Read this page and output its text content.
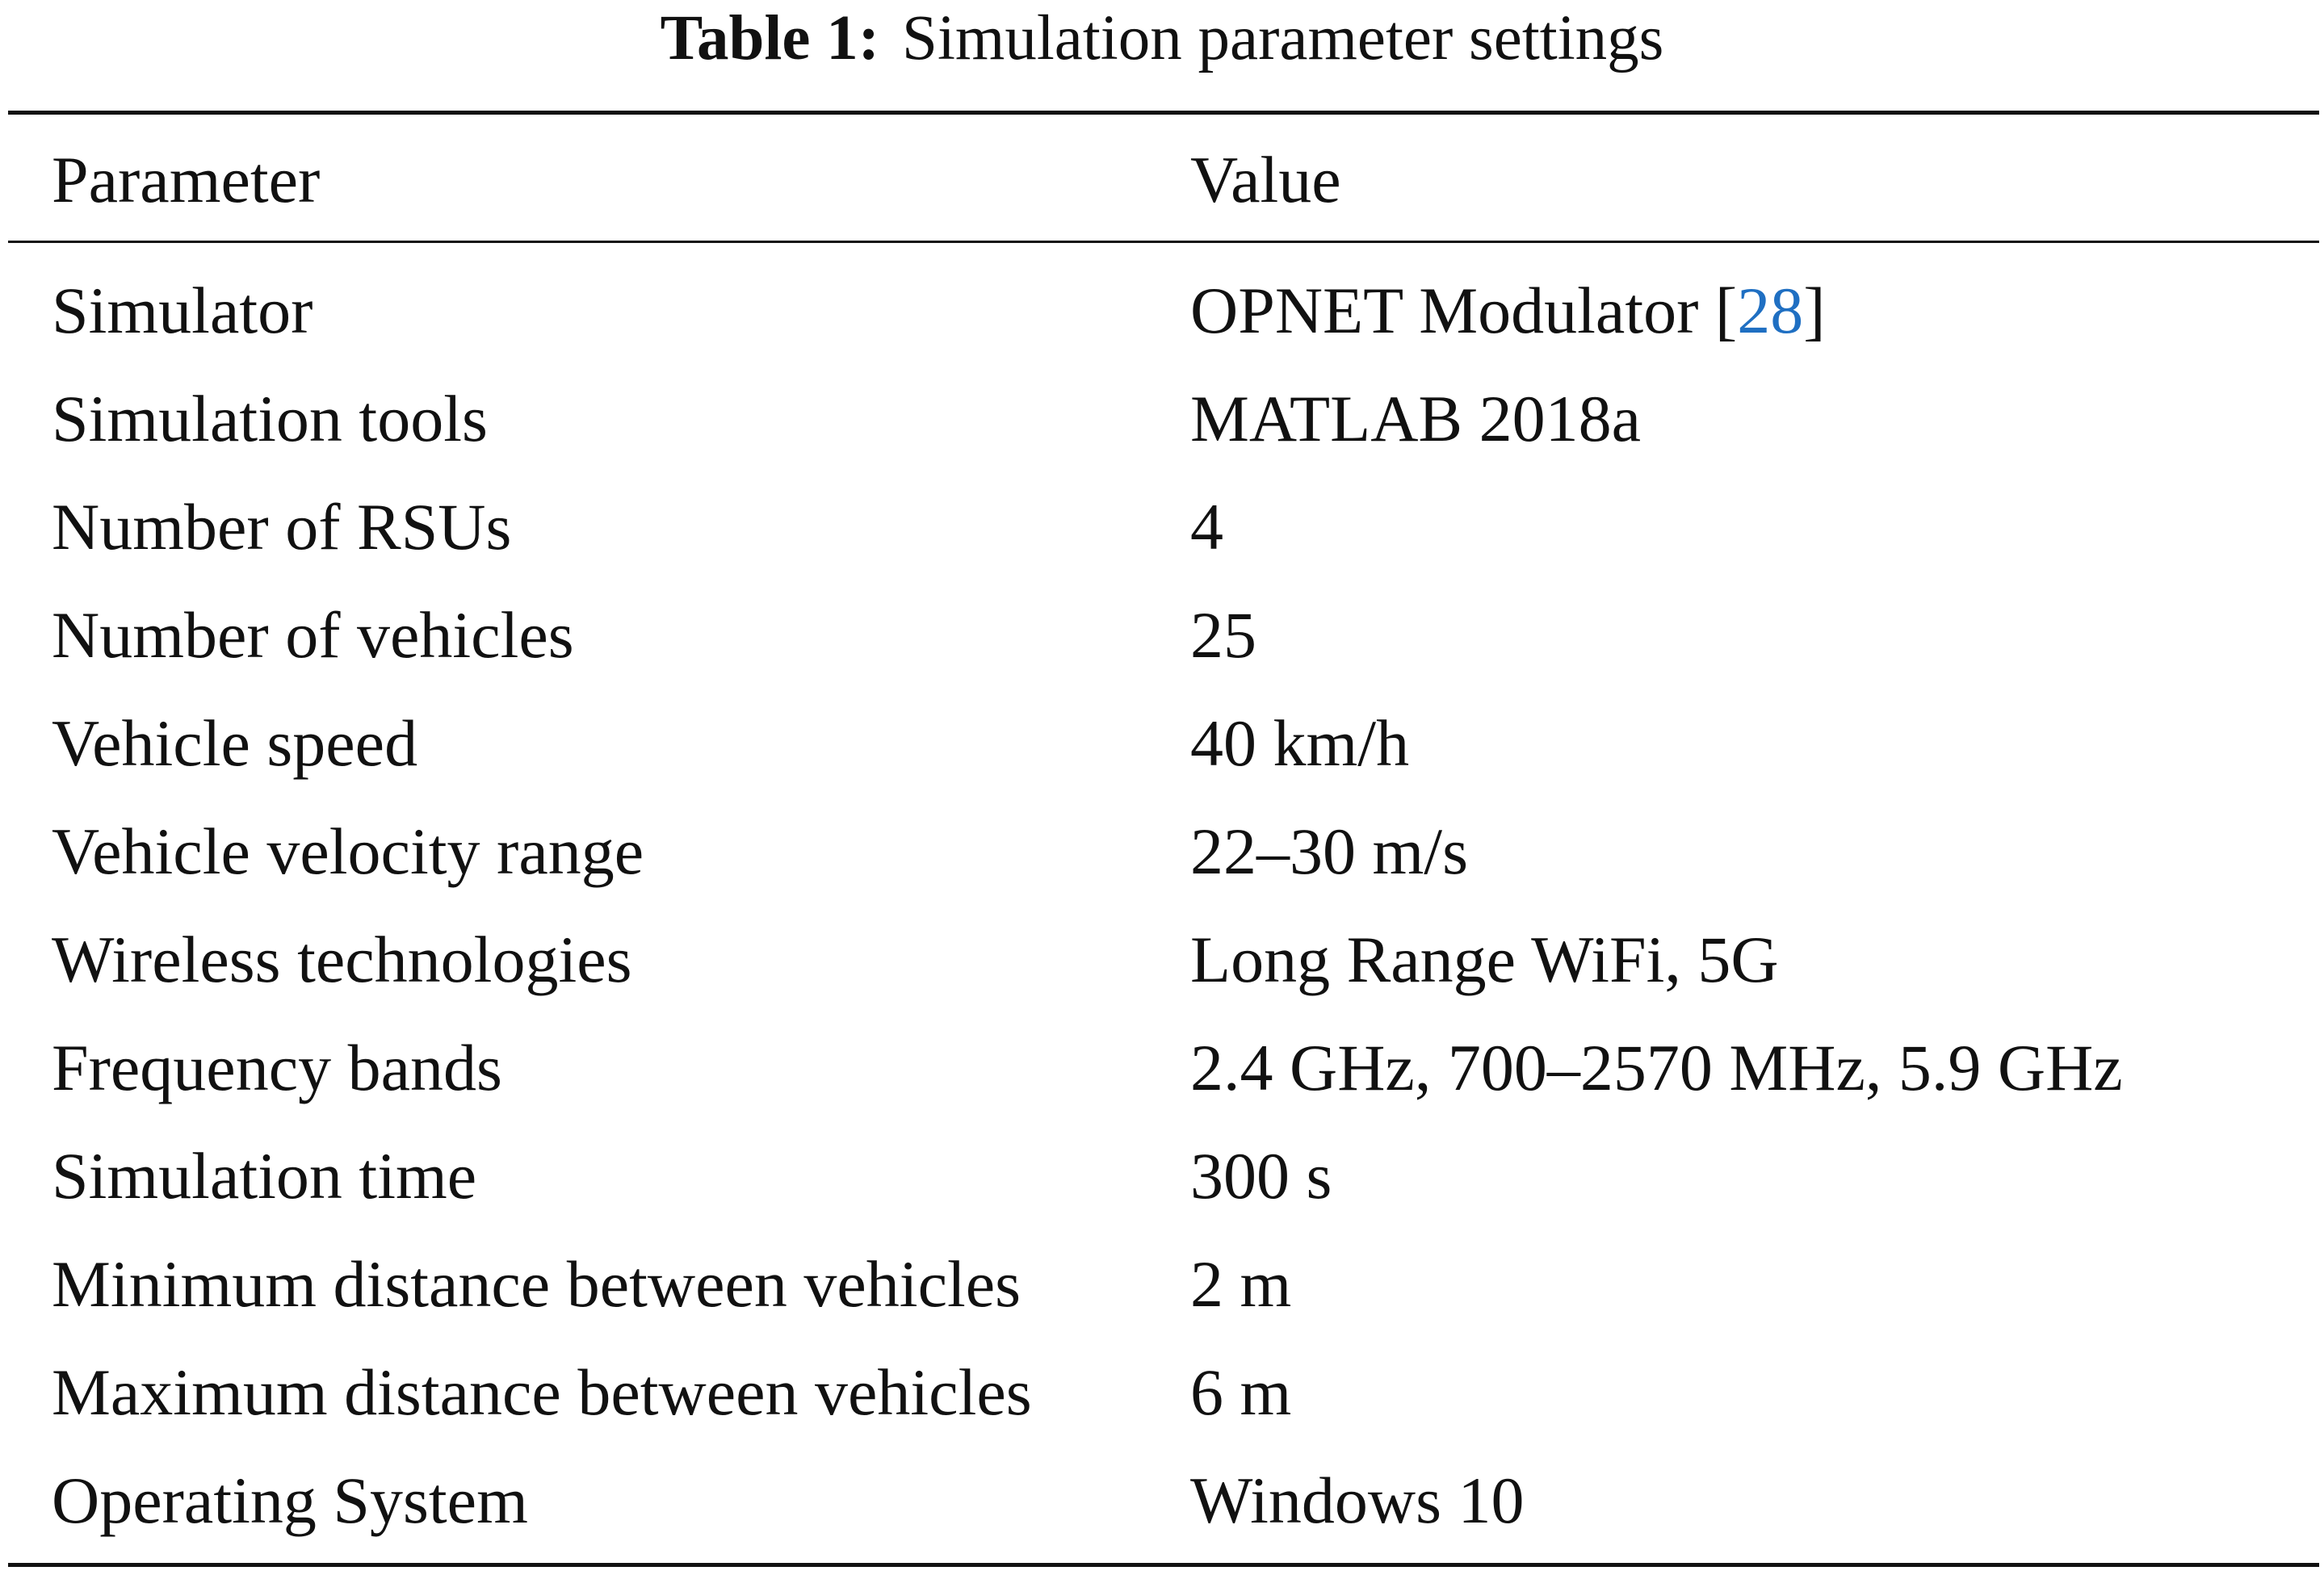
Table 1: Simulation parameter settings
Parameter	Value
Simulator	OPNET Modulator [28]
Simulation tools	MATLAB 2018a
Number of RSUs	4
Number of vehicles	25
Vehicle speed	40 km/h
Vehicle velocity range	22–30 m/s
Wireless technologies	Long Range WiFi, 5G
Frequency bands	2.4 GHz, 700–2570 MHz, 5.9 GHz
Simulation time	300 s
Minimum distance between vehicles	2 m
Maximum distance between vehicles 6 m
Operating System	Windows 10
